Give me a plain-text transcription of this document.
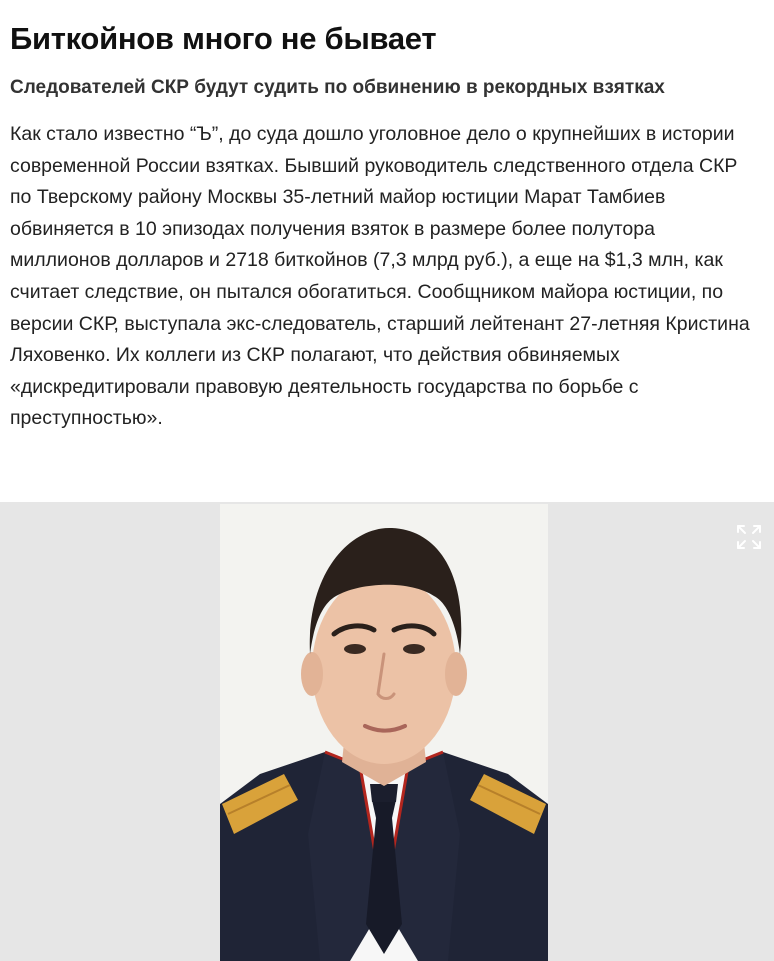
Биткойнов много не бывает
Следователей СКР будут судить по обвинению в рекордных взятках

Как стало известно “Ъ”, до суда дошло уголовное дело о крупнейших в истории современной России взятках. Бывший руководитель следственного отдела СКР по Тверскому району Москвы 35-летний майор юстиции Марат Тамбиев обвиняется в 10 эпизодах получения взяток в размере более полутора миллионов долларов и 2718 биткойнов (7,3 млрд руб.), а еще на $1,3 млн, как считает следствие, он пытался обогатиться. Сообщником майора юстиции, по версии СКР, выступала экс-следователь, старший лейтенант 27-летняя Кристина Ляховенко. Их коллеги из СКР полагают, что действия обвиняемых «дискредитировали правовую деятельность государства по борьбе с преступностью».
